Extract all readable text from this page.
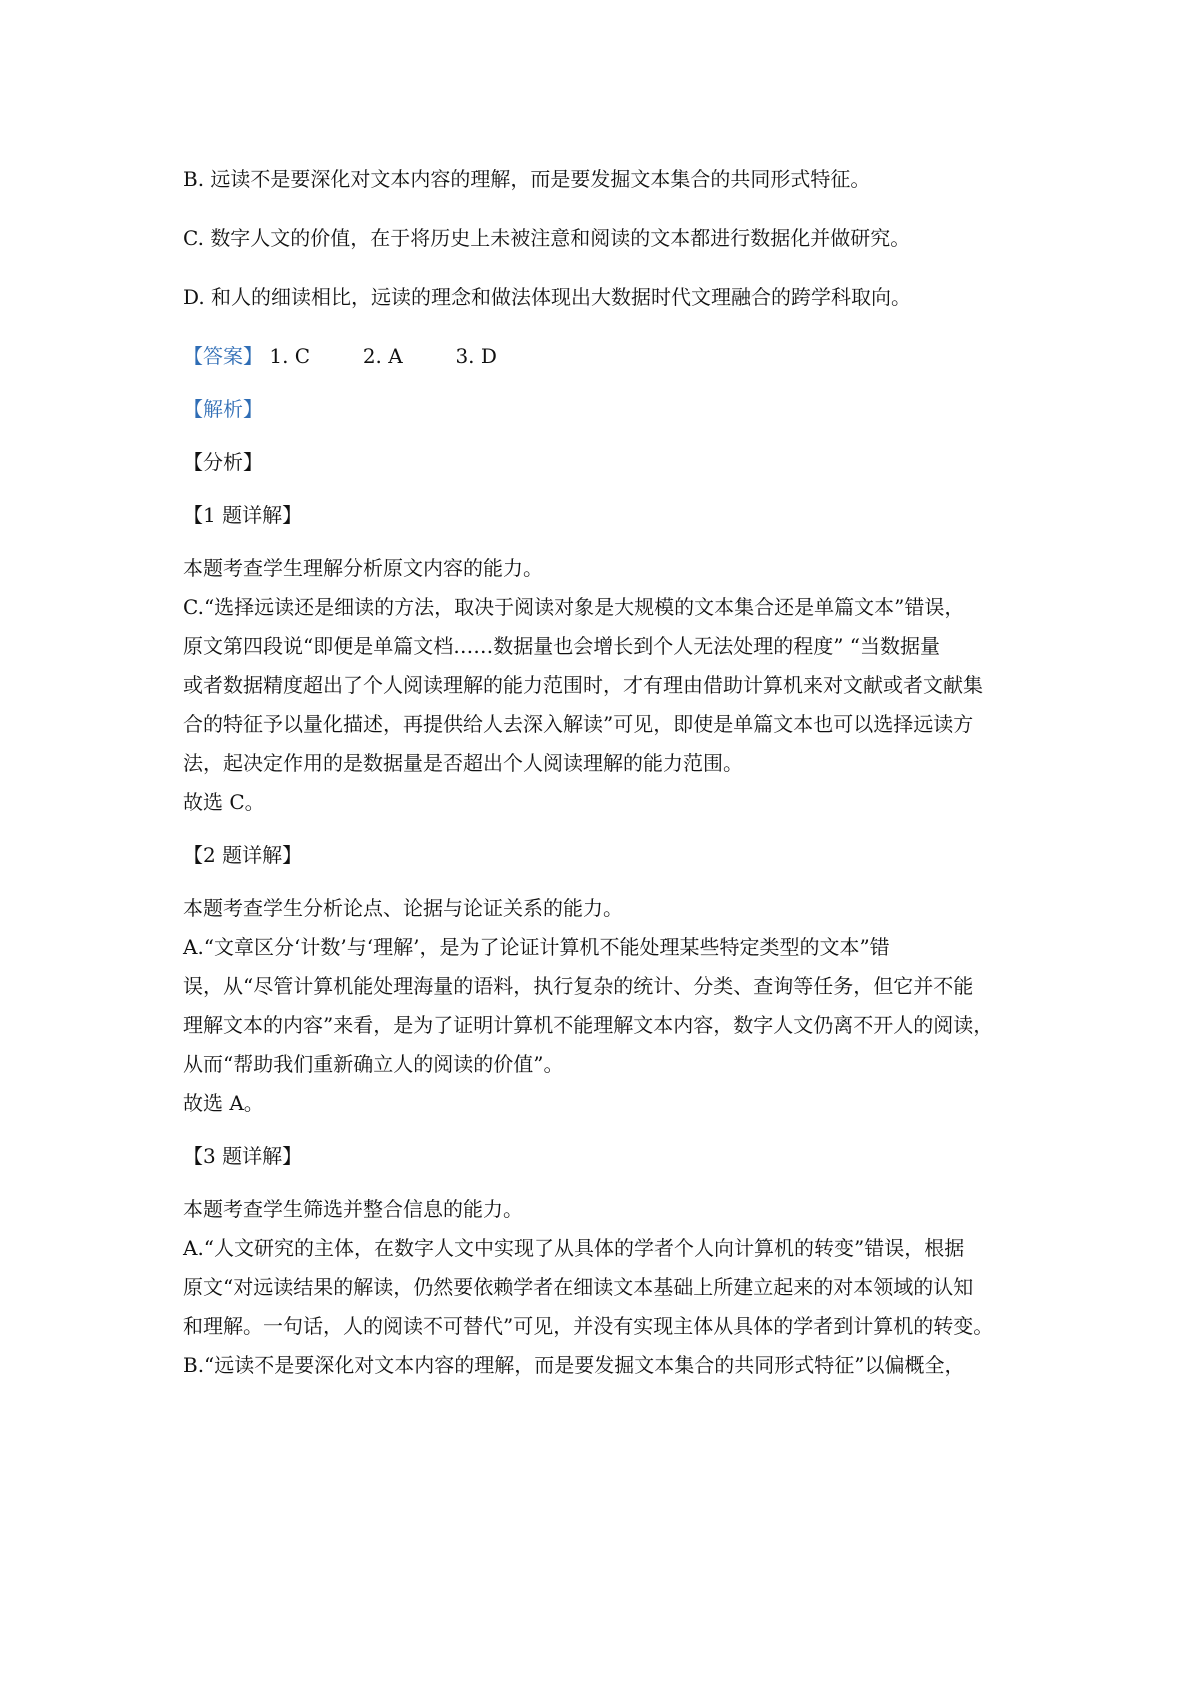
B. 远读不是要深化对文本内容的理解，而是要发掘文本集合的共同形式特征。
C. 数字人文的价值，在于将历史上未被注意和阅读的文本都进行数据化并做研究。
D. 和人的细读相比，远读的理念和做法体现出大数据时代文理融合的跨学科取向。
【答案】 1. C	2. A	3. D
【解析】
【分析】
【1 题详解】
本题考查学生理解分析原文内容的能力。
C.“选择远读还是细读的方法，取决于阅读对象是大规模的文本集合还是单篇文本”错误，
原文第四段说“即便是单篇文档……数据量也会增长到个人无法处理的程度” “当数据量
或者数据精度超出了个人阅读理解的能力范围时，才有理由借助计算机来对文献或者文献集
合的特征予以量化描述，再提供给人去深入解读”可见，即使是单篇文本也可以选择远读方
法，起决定作用的是数据量是否超出个人阅读理解的能力范围。
故选 C。
【2 题详解】
本题考查学生分析论点、论据与论证关系的能力。
A.“文章区分‘计数’与‘理解’，是为了论证计算机不能处理某些特定类型的文本”错
误，从“尽管计算机能处理海量的语料，执行复杂的统计、分类、查询等任务，但它并不能
理解文本的内容”来看，是为了证明计算机不能理解文本内容，数字人文仍离不开人的阅读，
从而“帮助我们重新确立人的阅读的价值”。
故选 A。
【3 题详解】
本题考查学生筛选并整合信息的能力。
A.“人文研究的主体，在数字人文中实现了从具体的学者个人向计算机的转变”错误，根据
原文“对远读结果的解读，仍然要依赖学者在细读文本基础上所建立起来的对本领域的认知
和理解。一句话，人的阅读不可替代”可见，并没有实现主体从具体的学者到计算机的转变。
B.“远读不是要深化对文本内容的理解，而是要发掘文本集合的共同形式特征”以偏概全，
